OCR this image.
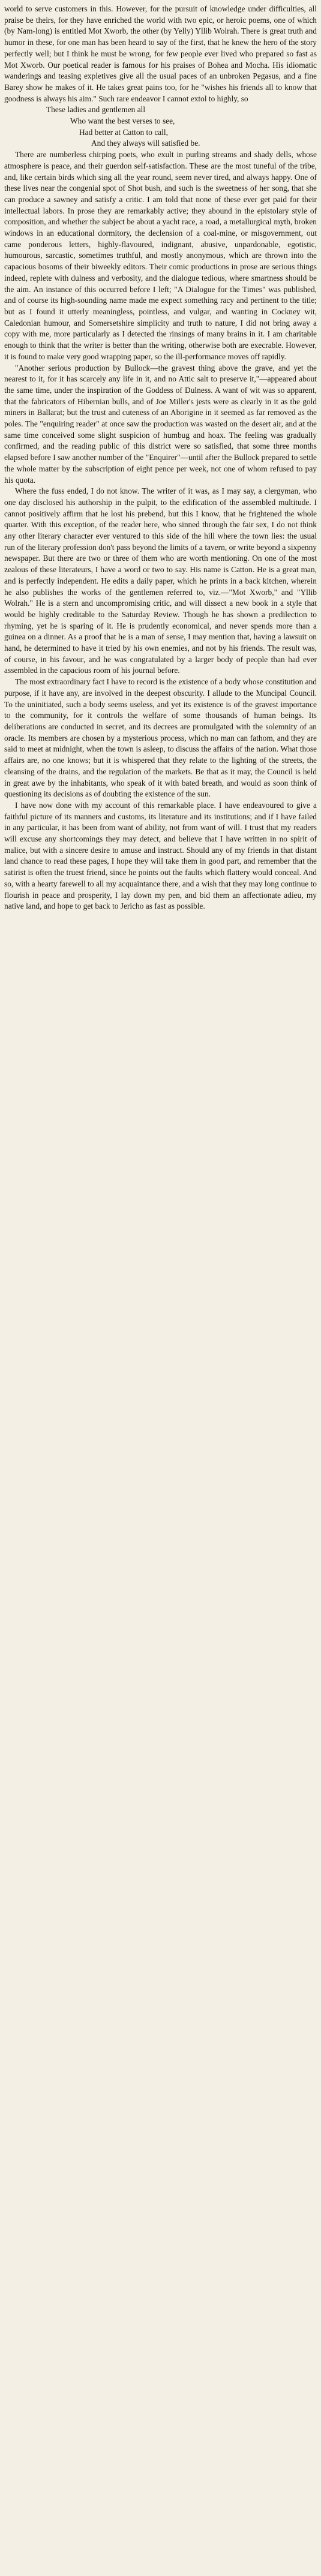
world to serve customers in this. However, for the pursuit of knowledge under difficulties, all praise be theirs, for they have enriched the world with two epic, or heroic poems, one of which (by Nam-long) is entitled Mot Xworb, the other (by Yelly) Yllib Wolrah. There is great truth and humor in these, for one man has been heard to say of the first, that he knew the hero of the story perfectly well; but I think he must be wrong, for few people ever lived who prepared so fast as Mot Xworb. Our poetical reader is famous for his praises of Bohea and Mocha. His idiomatic wanderings and teasing expletives give all the usual paces of an unbroken Pegasus, and a fine Barey show he makes of it. He takes great pains too, for he "wishes his friends all to know that goodness is always his aim." Such rare endeavor I cannot extol to highly, so

These ladies and gentlemen all
Who want the best verses to see,
Had better at Catton to call,
And they always will satisfied be.

There are numberless chirping poets, who exult in purling streams and shady dells, whose atmosphere is peace, and their guerdon self-satisfaction. These are the most tuneful of the tribe, and, like certain birds which sing all the year round, seem never tired, and always happy. One of these lives near the congenial spot of Shot bush, and such is the sweetness of her song, that she can produce a sawney and satisfy a critic. I am told that none of these ever get paid for their intellectual labors. In prose they are remarkably active; they abound in the epistolary style of composition, and whether the subject be about a yacht race, a road, a metallurgical myth, broken windows in an educational dormitory, the declension of a coal-mine, or misgovernment, out came ponderous letters, highly-flavoured, indignant, abusive, unpardonable, egotistic, humourous, sarcastic, sometimes truthful, and mostly anonymous, which are thrown into the capacious bosoms of their biweekly editors. Their comic productions in prose are serious things indeed, replete with dulness and verbosity, and the dialogue tedious, where smartness should be the aim. An instance of this occurred before I left; "A Dialogue for the Times" was published, and of course its high-sounding name made me expect something racy and pertinent to the title; but as I found it utterly meaningless, pointless, and vulgar, and wanting in Cockney wit, Caledonian humour, and Somersetshire simplicity and truth to nature, I did not bring away a copy with me, more particularly as I detected the rinsings of many brains in it. I am charitable enough to think that the writer is better than the writing, otherwise both are execrable. However, it is found to make very good wrapping paper, so the ill-performance moves off rapidly.

"Another serious production by Bullock—the gravest thing above the grave, and yet the nearest to it, for it has scarcely any life in it, and no Attic salt to preserve it,"—appeared about the same time, under the inspiration of the Goddess of Dulness. A want of wit was so apparent, that the fabricators of Hibernian bulls, and of Joe Miller's jests were as clearly in it as the gold miners in Ballarat; but the trust and cuteness of an Aborigine in it seemed as far removed as the poles. The "enquiring reader" at once saw the production was wasted on the desert air, and at the same time conceived some slight suspicion of humbug and hoax. The feeling was gradually confirmed, and the reading public of this district were so satisfied, that some three months elapsed before I saw another number of the "Enquirer"—until after the Bullock prepared to settle the whole matter by the subscription of eight pence per week, not one of whom refused to pay his quota.

Where the fuss ended, I do not know. The writer of it was, as I may say, a clergyman, who one day disclosed his authorship in the pulpit, to the edification of the assembled multitude. I cannot positively affirm that he lost his prebend, but this I know, that he frightened the whole quarter. With this exception, of the reader here, who sinned through the fair sex, I do not think any other literary character ever ventured to this side of the hill where the town lies: the usual run of the literary profession don't pass beyond the limits of a tavern, or write beyond a sixpenny newspaper. But there are two or three of them who are worth mentioning. On one of the most zealous of these literateurs, I have a word or two to say. His name is Catton. He is a great man, and is perfectly independent. He edits a daily paper, which he prints in a back kitchen, wherein he also publishes the works of the gentlemen referred to, viz.—"Mot Xworb," and "Yllib Wolrah." He is a stern and uncompromising critic, and will dissect a new book in a style that would be highly creditable to the Saturday Review. Though he has shown a predilection to rhyming, yet he is sparing of it. He is prudently economical, and never spends more than a guinea on a dinner. As a proof that he is a man of sense, I may mention that, having a lawsuit on hand, he determined to have it tried by his own enemies, and not by his friends. The result was, of course, in his favour, and he was congratulated by a larger body of people than had ever assembled in the capacious room of his journal before.

The most extraordinary fact I have to record is the existence of a body whose constitution and purpose, if it have any, are involved in the deepest obscurity. I allude to the Muncipal Council. To the uninitiated, such a body seems useless, and yet its existence is of the gravest importance to the community, for it controls the welfare of some thousands of human beings. Its deliberations are conducted in secret, and its decrees are promulgated with the solemnity of an oracle. Its members are chosen by a mysterious process, which no man can fathom, and they are said to meet at midnight, when the town is asleep, to discuss the affairs of the nation. What those affairs are, no one knows; but it is whispered that they relate to the lighting of the streets, the cleansing of the drains, and the regulation of the markets. Be that as it may, the Council is held in great awe by the inhabitants, who speak of it with bated breath, and would as soon think of questioning its decisions as of doubting the existence of the sun.

I have now done with my account of this remarkable place. I have endeavoured to give a faithful picture of its manners and customs, its literature and its institutions; and if I have failed in any particular, it has been from want of ability, not from want of will. I trust that my readers will excuse any shortcomings they may detect, and believe that I have written in no spirit of malice, but with a sincere desire to amuse and instruct. Should any of my friends in that distant land chance to read these pages, I hope they will take them in good part, and remember that the satirist is often the truest friend, since he points out the faults which flattery would conceal. And so, with a hearty farewell to all my acquaintance there, and a wish that they may long continue to flourish in peace and prosperity, I lay down my pen, and bid them an affectionate adieu, my native land, and hope to get back to Jericho as fast as possible.
